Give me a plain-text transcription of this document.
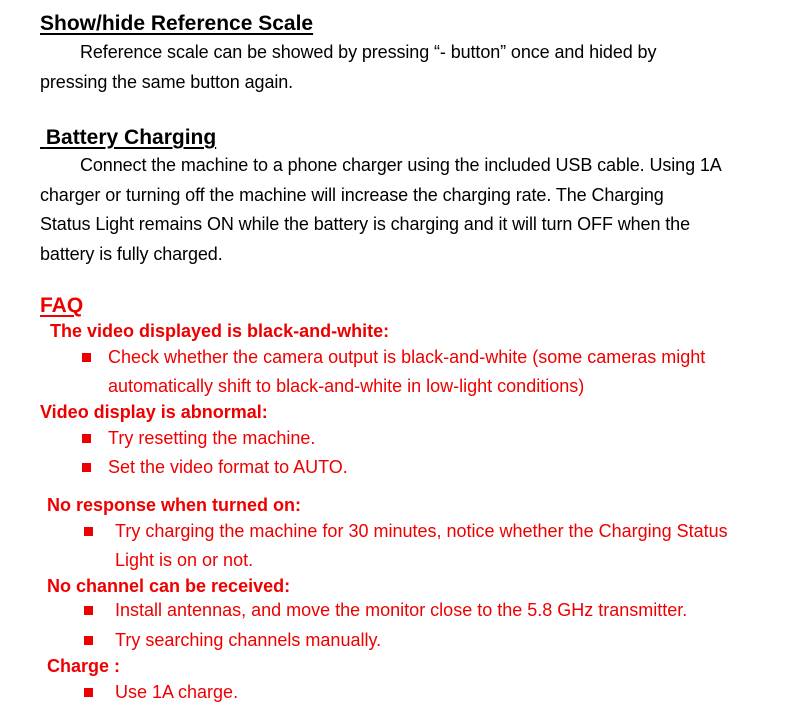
Show/hide Reference Scale
Reference scale can be showed by pressing “- button” once and hided by
pressing the same button again.
Battery Charging
Connect the machine to a phone charger using the included USB cable. Using 1A
charger or turning off the machine will increase the charging rate. The Charging
Status Light remains ON while the battery is charging and it will turn OFF when the
battery is fully charged.
FAQ
The video displayed is black-and-white:
Check whether the camera output is black-and-white (some cameras might
automatically shift to black-and-white in low-light conditions)
Video display is abnormal:
Try resetting the machine.
Set the video format to AUTO.
No response when turned on:
Try charging the machine for 30 minutes, notice whether the Charging Status
Light is on or not.
No channel can be received:
Install antennas, and move the monitor close to the 5.8 GHz transmitter.
Try searching channels manually.
Charge :
Use 1A charge.
